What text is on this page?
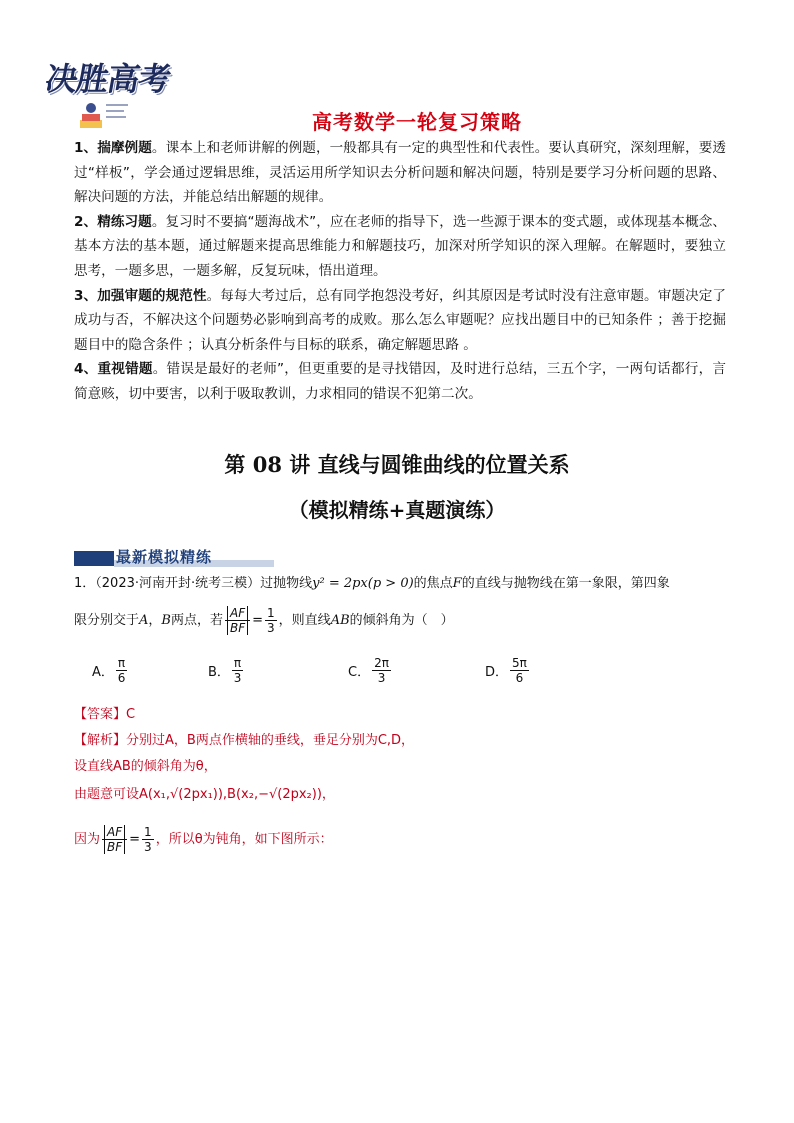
决胜高考
高考数学一轮复习策略

1、揣摩例题。课本上和老师讲解的例题，一般都具有一定的典型性和代表性。要认真研究，深刻理解，要透过“样板”，学会通过逻辑思维，灵活运用所学知识去分析问题和解决问题，特别是要学习分析问题的思路、解决问题的方法，并能总结出解题的规律。

2、精练习题。复习时不要搞“题海战术”，应在老师的指导下，选一些源于课本的变式题，或体现基本概念、基本方法的基本题，通过解题来提高思维能力和解题技巧，加深对所学知识的深入理解。在解题时，要独立思考，一题多思，一题多解，反复玩味，悟出道理。

3、加强审题的规范性。每每大考过后，总有同学抱怨没考好，纠其原因是考试时没有注意审题。审题决定了成功与否，不解决这个问题势必影响到高考的成败。那么怎么审题呢？应找出题目中的已知条件 ；善于挖掘题目中的隐含条件 ；认真分析条件与目标的联系，确定解题思路 。

4、重视错题。错误是最好的老师”，但更重要的是寻找错因，及时进行总结，三五个字，一两句话都行，言简意赅，切中要害，以利于吸取教训，力求相同的错误不犯第二次。

第 08 讲 直线与圆锥曲线的位置关系
（模拟精练+真题演练）
最新模拟精练
1．（2023·河南开封·统考三模）过抛物线y² = 2px(p > 0)的焦点F的直线与抛物线在第一象限，第四象
限分别交于 A ， B 两点，若 $\frac{AF}{BF} = \frac{1}{3}$ ，则直线 AB 的倾斜角为（　）
A． $\frac{\pi}{6}$	B． $\frac{\pi}{3}$	C． $\frac{2\pi}{3}$	D． $\frac{5\pi}{6}$
【答案】C
【解析】 分别过A，B两点作横轴的垂线，垂足分别为C,D，
设直线AB的倾斜角为θ，
由题意可设A(x₁,√(2px₁)),B(x₂,−√(2px₂))，
因为 $\frac{AF}{BF} = \frac{1}{3}$ ，所以θ为钝角，如下图所示：
